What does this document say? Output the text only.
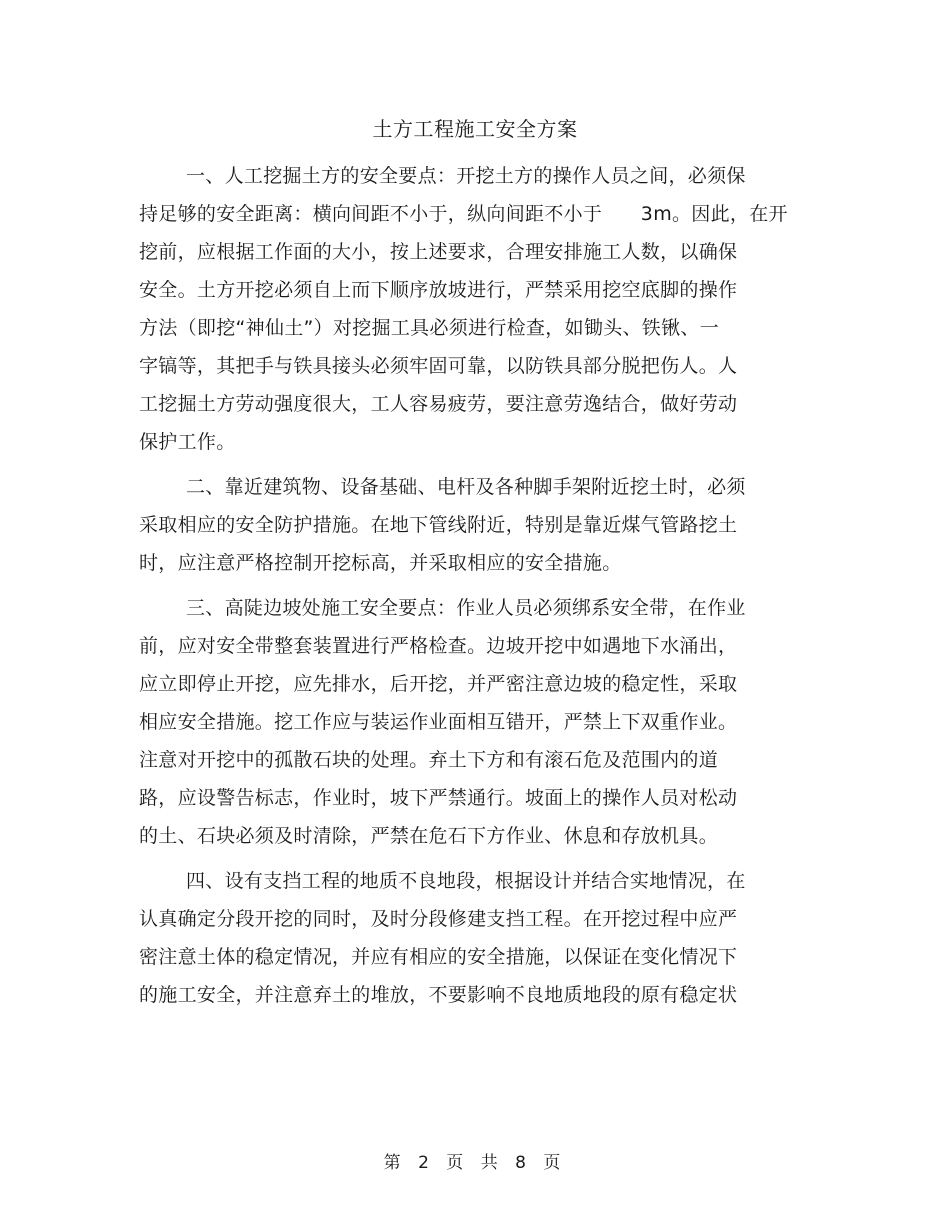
土方工程施工安全方案
一、人工挖掘土方的安全要点：开挖土方的操作人员之间，必须保
持足够的安全距离：横向间距不小于，纵向间距不小于　　3m。因此，在开
挖前，应根据工作面的大小，按上述要求，合理安排施工人数，以确保
安全。土方开挖必须自上而下顺序放坡进行，严禁采用挖空底脚的操作
方法（即挖“神仙土”）对挖掘工具必须进行检查，如锄头、铁锹、一
字镐等，其把手与铁具接头必须牢固可靠，以防铁具部分脱把伤人。人
工挖掘土方劳动强度很大，工人容易疲劳，要注意劳逸结合，做好劳动
保护工作。
二、靠近建筑物、设备基础、电杆及各种脚手架附近挖土时，必须
采取相应的安全防护措施。在地下管线附近，特别是靠近煤气管路挖土
时，应注意严格控制开挖标高，并采取相应的安全措施。
三、高陡边坡处施工安全要点：作业人员必须绑系安全带，在作业
前，应对安全带整套装置进行严格检查。边坡开挖中如遇地下水涌出，
应立即停止开挖，应先排水，后开挖，并严密注意边坡的稳定性，采取
相应安全措施。挖工作应与装运作业面相互错开，严禁上下双重作业。
注意对开挖中的孤散石块的处理。弃土下方和有滚石危及范围内的道
路，应设警告标志，作业时，坡下严禁通行。坡面上的操作人员对松动
的土、石块必须及时清除，严禁在危石下方作业、休息和存放机具。
四、设有支挡工程的地质不良地段，根据设计并结合实地情况，在
认真确定分段开挖的同时，及时分段修建支挡工程。在开挖过程中应严
密注意土体的稳定情况，并应有相应的安全措施，以保证在变化情况下
的施工安全，并注意弃土的堆放，不要影响不良地质地段的原有稳定状
第 2 页 共 8 页
